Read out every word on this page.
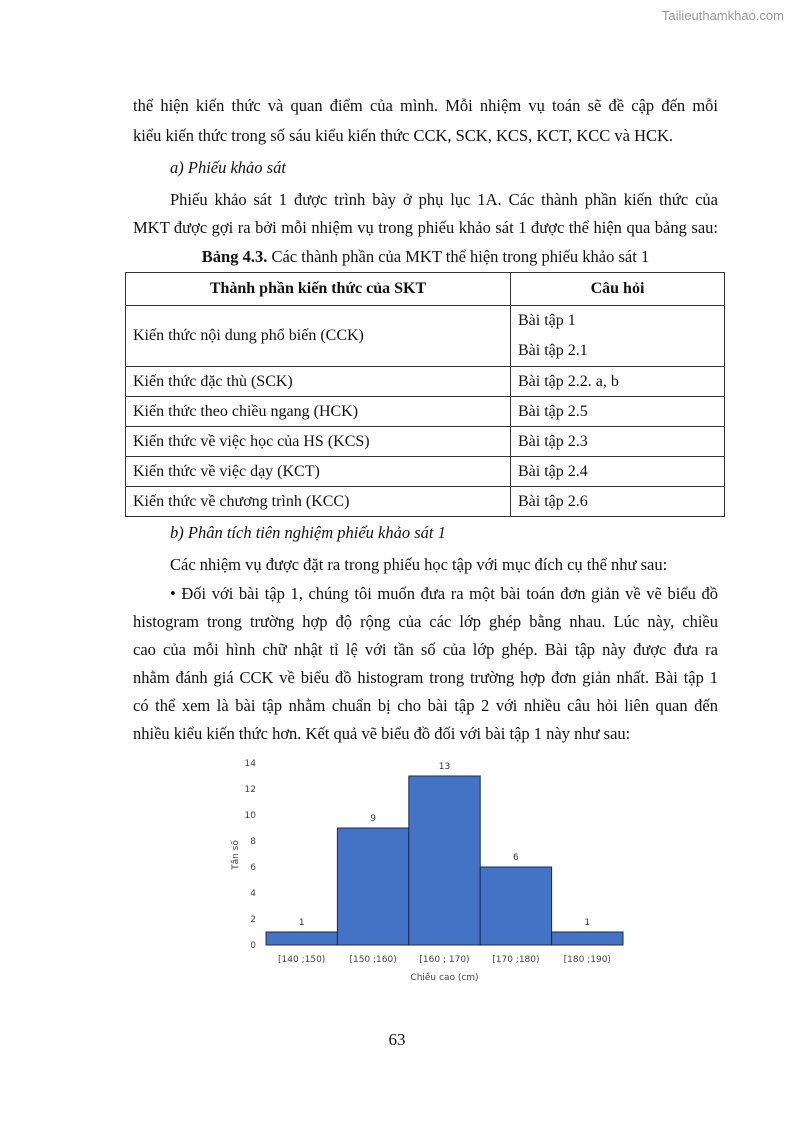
Tailieuthamkhao.com
thể hiện kiến thức và quan điểm của mình. Mỗi nhiệm vụ toán sẽ đề cập đến mỗi
kiểu kiến thức trong số sáu kiểu kiến thức CCK, SCK, KCS, KCT, KCC và HCK.
a) Phiếu khảo sát
Phiếu khảo sát 1 được trình bày ở phụ lục 1A. Các thành phần kiến thức của
MKT được gợi ra bởi mỗi nhiệm vụ trong phiếu khảo sát 1 được thể hiện qua bảng sau:
Bảng 4.3. Các thành phần của MKT thể hiện trong phiếu khảo sát 1
Thành phần kiến thức của SKT	Câu hỏi
Kiến thức nội dung phổ biến (CCK)	Bài tập 1
Bài tập 2.1

Kiến thức đặc thù (SCK)	Bài tập 2.2. a, b
Kiến thức theo chiều ngang (HCK)	Bài tập 2.5
Kiến thức về việc học của HS (KCS)	Bài tập 2.3
Kiến thức về việc dạy (KCT)	Bài tập 2.4
Kiến thức về chương trình (KCC)	Bài tập 2.6
b) Phân tích tiên nghiệm phiếu khảo sát 1
Các nhiệm vụ được đặt ra trong phiếu học tập với mục đích cụ thể như sau:
• Đối với bài tập 1, chúng tôi muốn đưa ra một bài toán đơn giản về vẽ biểu đồ
histogram trong trường hợp độ rộng của các lớp ghép bằng nhau. Lúc này, chiều
cao của mỗi hình chữ nhật tỉ lệ với tần số của lớp ghép. Bài tập này được đưa ra
nhằm đánh giá CCK về biểu đồ histogram trong trường hợp đơn giản nhất. Bài tập 1
có thể xem là bài tập nhằm chuẩn bị cho bài tập 2 với nhiều câu hỏi liên quan đến
nhiều kiểu kiến thức hơn. Kết quả vẽ biểu đồ đối với bài tập 1 này như sau:
0
2
4
6
8
10
12
14
1
[140 ;150)
9
[150 ;160)
13
[160 ; 170)
6
[170 ;180)
1
[180 ;190)
Chiều cao (cm)
Tần số
63
